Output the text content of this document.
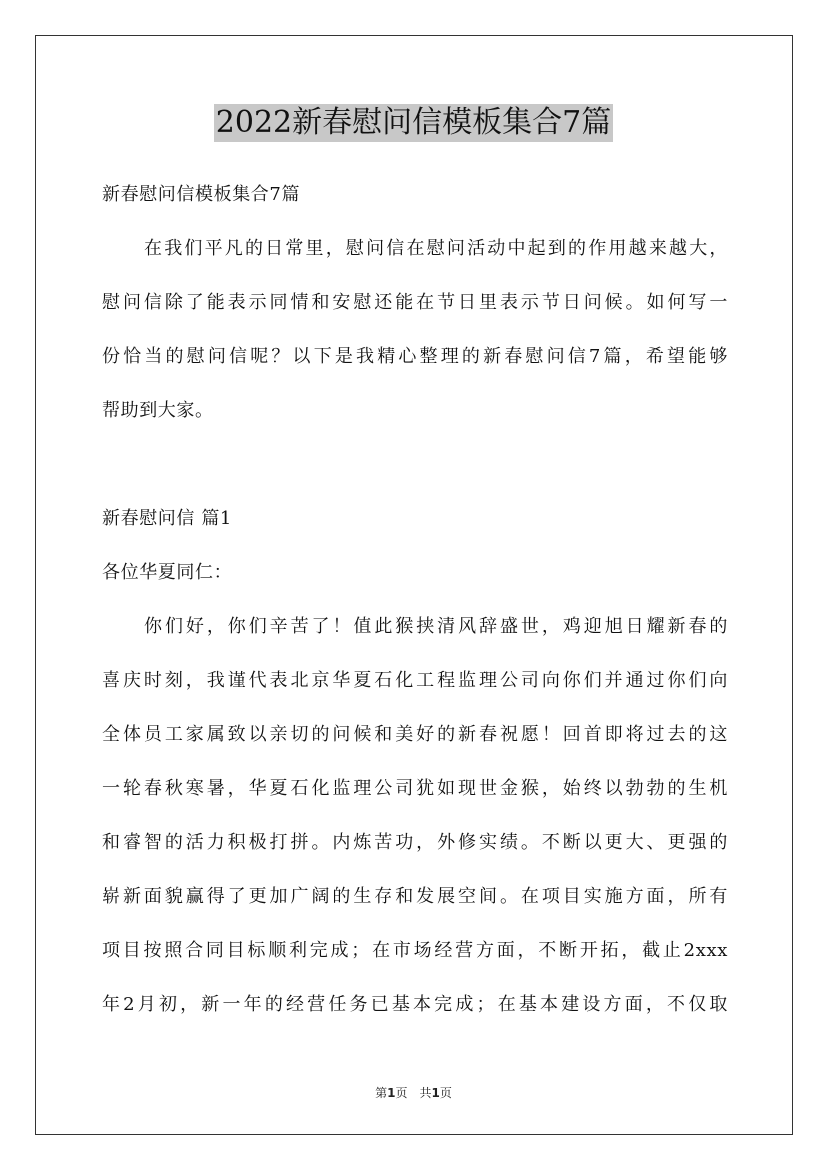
2022新春慰问信模板集合7篇
新春慰问信模板集合7篇
在我们平凡的日常里，慰问信在慰问活动中起到的作用越来越大，
慰问信除了能表示同情和安慰还能在节日里表示节日问候。如何写一
份恰当的慰问信呢？以下是我精心整理的新春慰问信7篇，希望能够
帮助到大家。
新春慰问信 篇1
各位华夏同仁：
你们好，你们辛苦了！值此猴挟清风辞盛世，鸡迎旭日耀新春的
喜庆时刻，我谨代表北京华夏石化工程监理公司向你们并通过你们向
全体员工家属致以亲切的问候和美好的新春祝愿！回首即将过去的这
一轮春秋寒暑，华夏石化监理公司犹如现世金猴，始终以勃勃的生机
和睿智的活力积极打拼。内炼苦功，外修实绩。不断以更大、更强的
崭新面貌赢得了更加广阔的生存和发展空间。在项目实施方面，所有
项目按照合同目标顺利完成；在市场经营方面，不断开拓，截止2xxx
年2月初，新一年的经营任务已基本完成；在基本建设方面，不仅取
第1页　共1页
